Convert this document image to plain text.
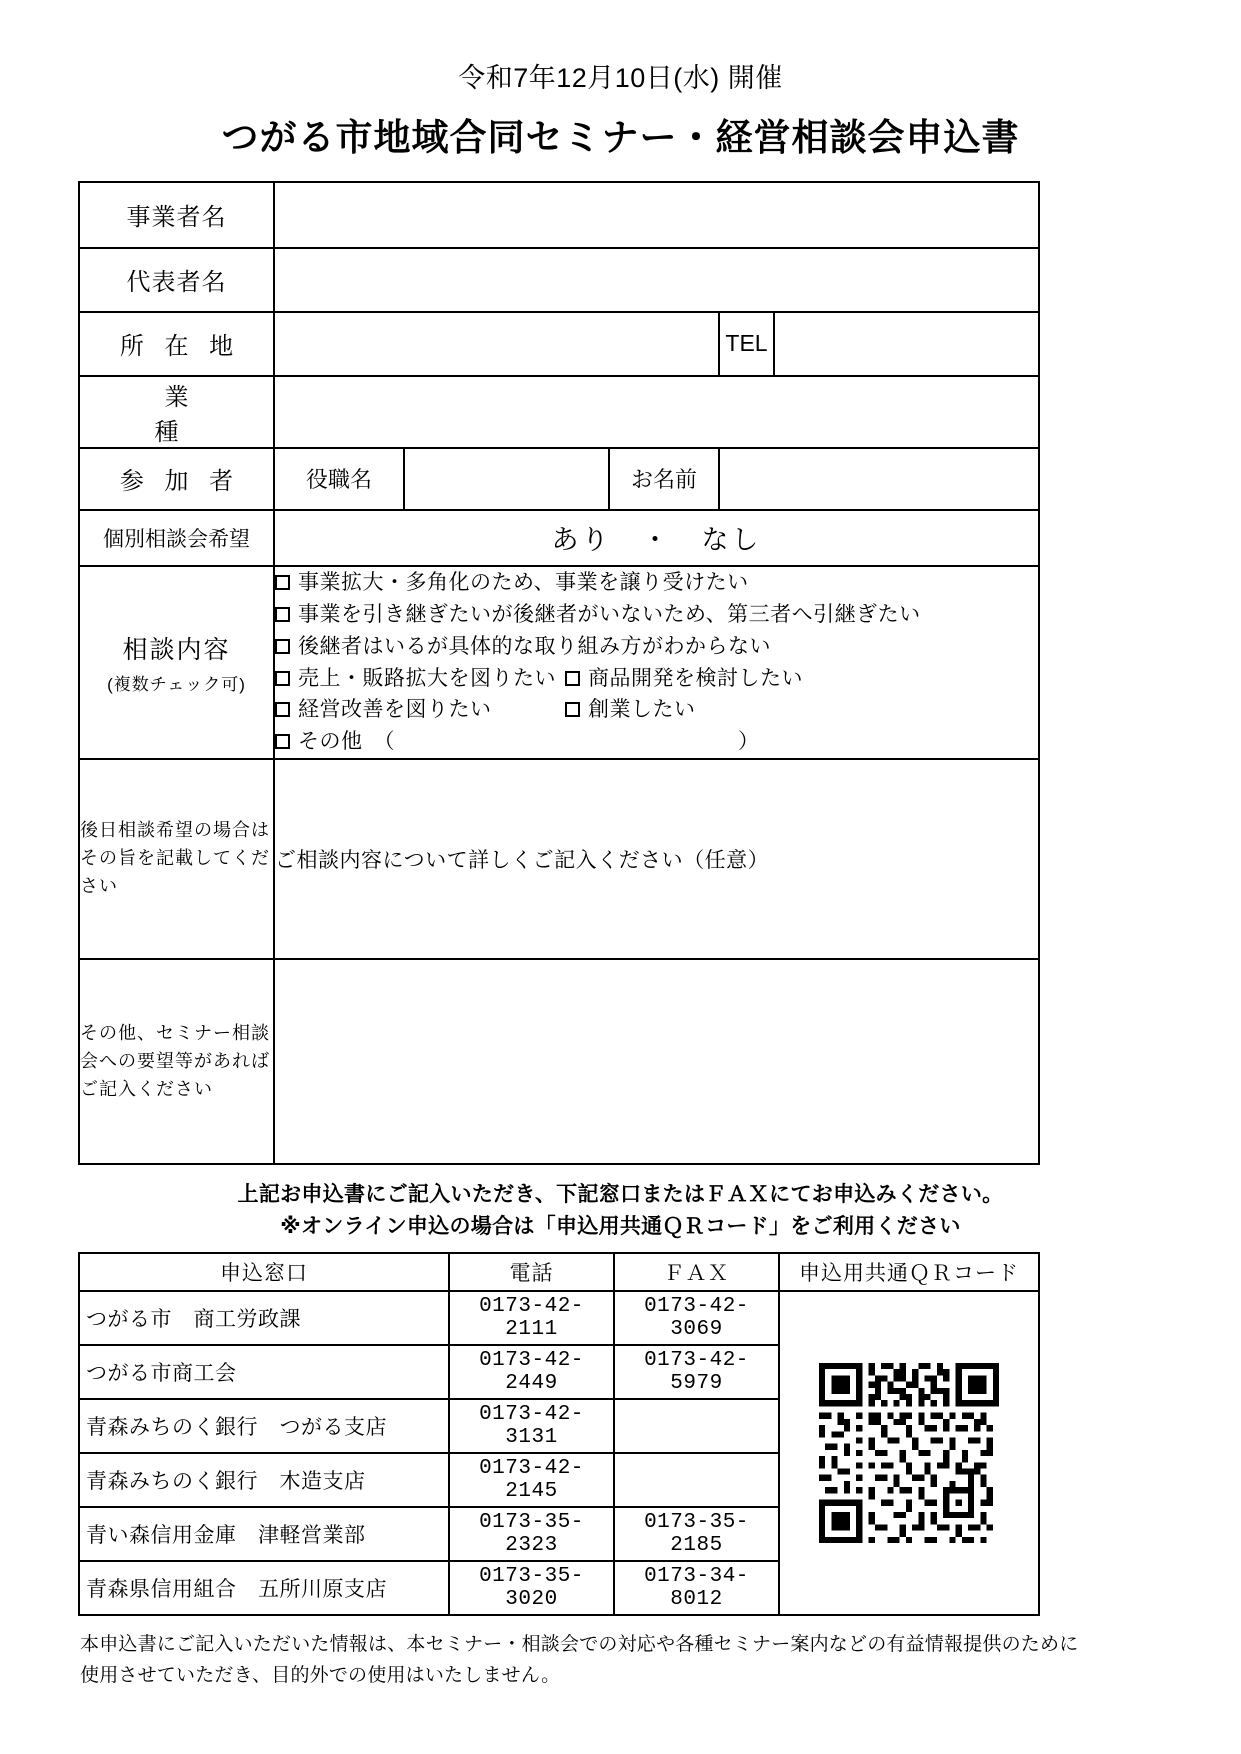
令和7年12月10日(水) 開催
つがる市地域合同セミナー・経営相談会申込書
事業者名					
代表者名					
所 在 地				TEL	
業　　種					
参 加 者	役職名		お名前		
個別相談会希望	あり　・　なし				

相談内容
(複数チェック可)

事業拡大・多角化のため、事業を譲り受けたい
事業を引き継ぎたいが後継者がいないため、第三者へ引継ぎたい
後継者はいるが具体的な取り組み方がわからない
売上・販路拡大を図りたい 商品開発を検討したい
経営改善を図りたい	創業したい
その他　（	）

後日相談希望の場合はその旨を記載してください	ご相談内容について詳しくご記入ください（任意）				
その他、セミナー相談会への要望等があればご記入ください					
上記お申込書にご記入いただき、下記窓口またはＦＡＸにてお申込みください。
※オンライン申込の場合は「申込用共通ＱＲコード」をご利用ください
申込窓口	電話	ＦＡＸ	申込用共通ＱＲコード
つがる市　商工労政課	0173-42-2111	0173-42-3069	

つがる市商工会	0173-42-2449	0173-42-5979	
青森みちのく銀行　つがる支店	0173-42-3131		
青森みちのく銀行　木造支店	0173-42-2145		
青い森信用金庫　津軽営業部	0173-35-2323	0173-35-2185	
青森県信用組合　五所川原支店	0173-35-3020	0173-34-8012	
本申込書にご記入いただいた情報は、本セミナー・相談会での対応や各種セミナー案内などの有益情報提供のために
使用させていただき、目的外での使用はいたしません。
